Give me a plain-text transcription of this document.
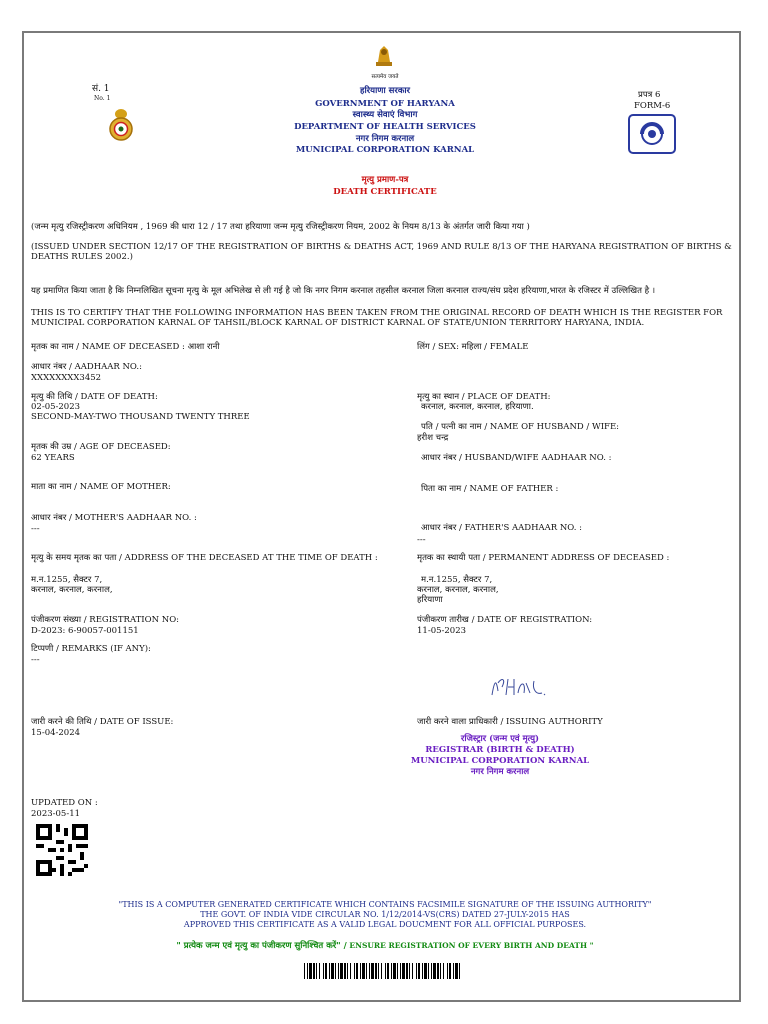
सं. 1
No. 1
सत्यमेव जयते
हरियाणा सरकार
GOVERNMENT OF HARYANA
स्वास्थ्य सेवाएं विभाग
DEPARTMENT OF HEALTH SERVICES
नगर निगम करनाल
MUNICIPAL CORPORATION KARNAL
मृत्यु प्रमाण-पत्र
DEATH CERTIFICATE
प्रपत्र 6
FORM-6
(जन्म मृत्यु रजिस्ट्रीकरण अधिनियम , 1969 की धारा 12 / 17 तथा हरियाणा जन्म मृत्यु रजिस्ट्रीकरण नियम, 2002 के नियम 8/13 के अंतर्गत जारी किया गया )
(ISSUED UNDER SECTION 12/17 OF THE REGISTRATION OF BIRTHS & DEATHS ACT, 1969 AND RULE 8/13 OF THE HARYANA REGISTRATION OF BIRTHS & DEATHS RULES 2002.)
यह प्रमाणित किया जाता है कि निम्नलिखित सूचना मृत्यु के मूल अभिलेख से ली गई है जो कि नगर निगम करनाल तहसील करनाल जिला करनाल राज्य/संघ प्रदेश हरियाणा,भारत के रजिस्टर में उल्लिखित है ।
THIS IS TO CERTIFY THAT THE FOLLOWING INFORMATION HAS BEEN TAKEN FROM THE ORIGINAL RECORD OF DEATH WHICH IS THE REGISTER FOR MUNICIPAL CORPORATION KARNAL OF TAHSIL/BLOCK KARNAL OF DISTRICT KARNAL OF STATE/UNION TERRITORY HARYANA, INDIA.
मृतक का नाम / NAME OF DECEASED : आशा रानी
आधार नंबर / AADHAAR NO.:
XXXXXXXX3452
मृत्यु की तिथि / DATE OF DEATH:
02-05-2023
SECOND-MAY-TWO THOUSAND TWENTY THREE
मृतक की उम्र / AGE OF DECEASED:
62 YEARS
माता का नाम / NAME OF MOTHER:
आधार नंबर / MOTHER'S AADHAAR NO. :
---
मृत्यु के समय मृतक का पता / ADDRESS OF THE DECEASED AT THE TIME OF DEATH :
म.न.1255, सैक्टर 7,
करनाल, करनाल, करनाल,
पंजीकरण संख्या / REGISTRATION NO:
D-2023: 6-90057-001151
टिप्पणी / REMARKS (IF ANY):
---
जारी करने की तिथि / DATE OF ISSUE:
15-04-2024
लिंग / SEX: महिला / FEMALE
मृत्यु का स्थान / PLACE OF DEATH:
करनाल, करनाल, करनाल, हरियाणा.
पति / पत्नी का नाम / NAME OF HUSBAND / WIFE:
हरीश चन्द्र
आधार नंबर / HUSBAND/WIFE AADHAAR NO. :
पिता का नाम / NAME OF FATHER :
आधार नंबर / FATHER'S AADHAAR NO. :
---
मृतक का स्थायी पता / PERMANENT ADDRESS OF DECEASED :
म.न.1255, सैक्टर 7,
करनाल, करनाल, करनाल,
हरियाणा
पंजीकरण तारीख / DATE OF REGISTRATION:
11-05-2023
जारी करने वाला प्राधिकारी / ISSUING AUTHORITY
रजिस्ट्रार (जन्म एवं मृत्यु)
REGISTRAR (BIRTH & DEATH)
MUNICIPAL CORPORATION KARNAL
नगर निगम करनाल
UPDATED ON :
2023-05-11
"THIS IS A COMPUTER GENERATED CERTIFICATE WHICH CONTAINS FACSIMILE SIGNATURE OF THE ISSUING AUTHORITY"
THE GOVT. OF INDIA VIDE CIRCULAR NO. 1/12/2014-VS(CRS) DATED 27-JULY-2015 HAS
APPROVED THIS CERTIFICATE AS A VALID LEGAL DOUCMENT FOR ALL OFFICIAL PURPOSES.
" प्रत्येक जन्म एवं मृत्यु का पंजीकरण सुनिश्चित करें" / ENSURE REGISTRATION OF EVERY BIRTH AND DEATH "
